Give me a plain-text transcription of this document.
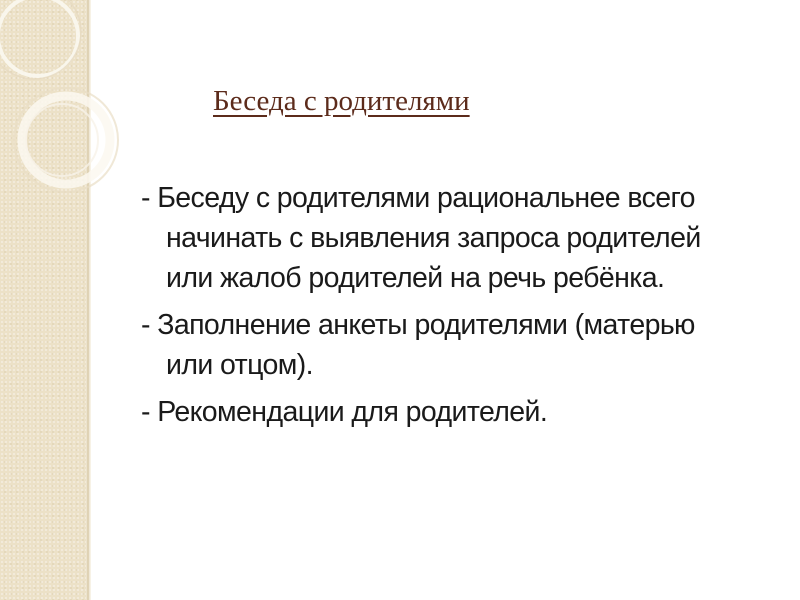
Беседа с родителями
- Беседу с родителями рациональнее всего начинать с выявления запроса родителей или жалоб родителей на речь ребёнка.
- Заполнение анкеты родителями (матерью или отцом).
- Рекомендации для родителей.
